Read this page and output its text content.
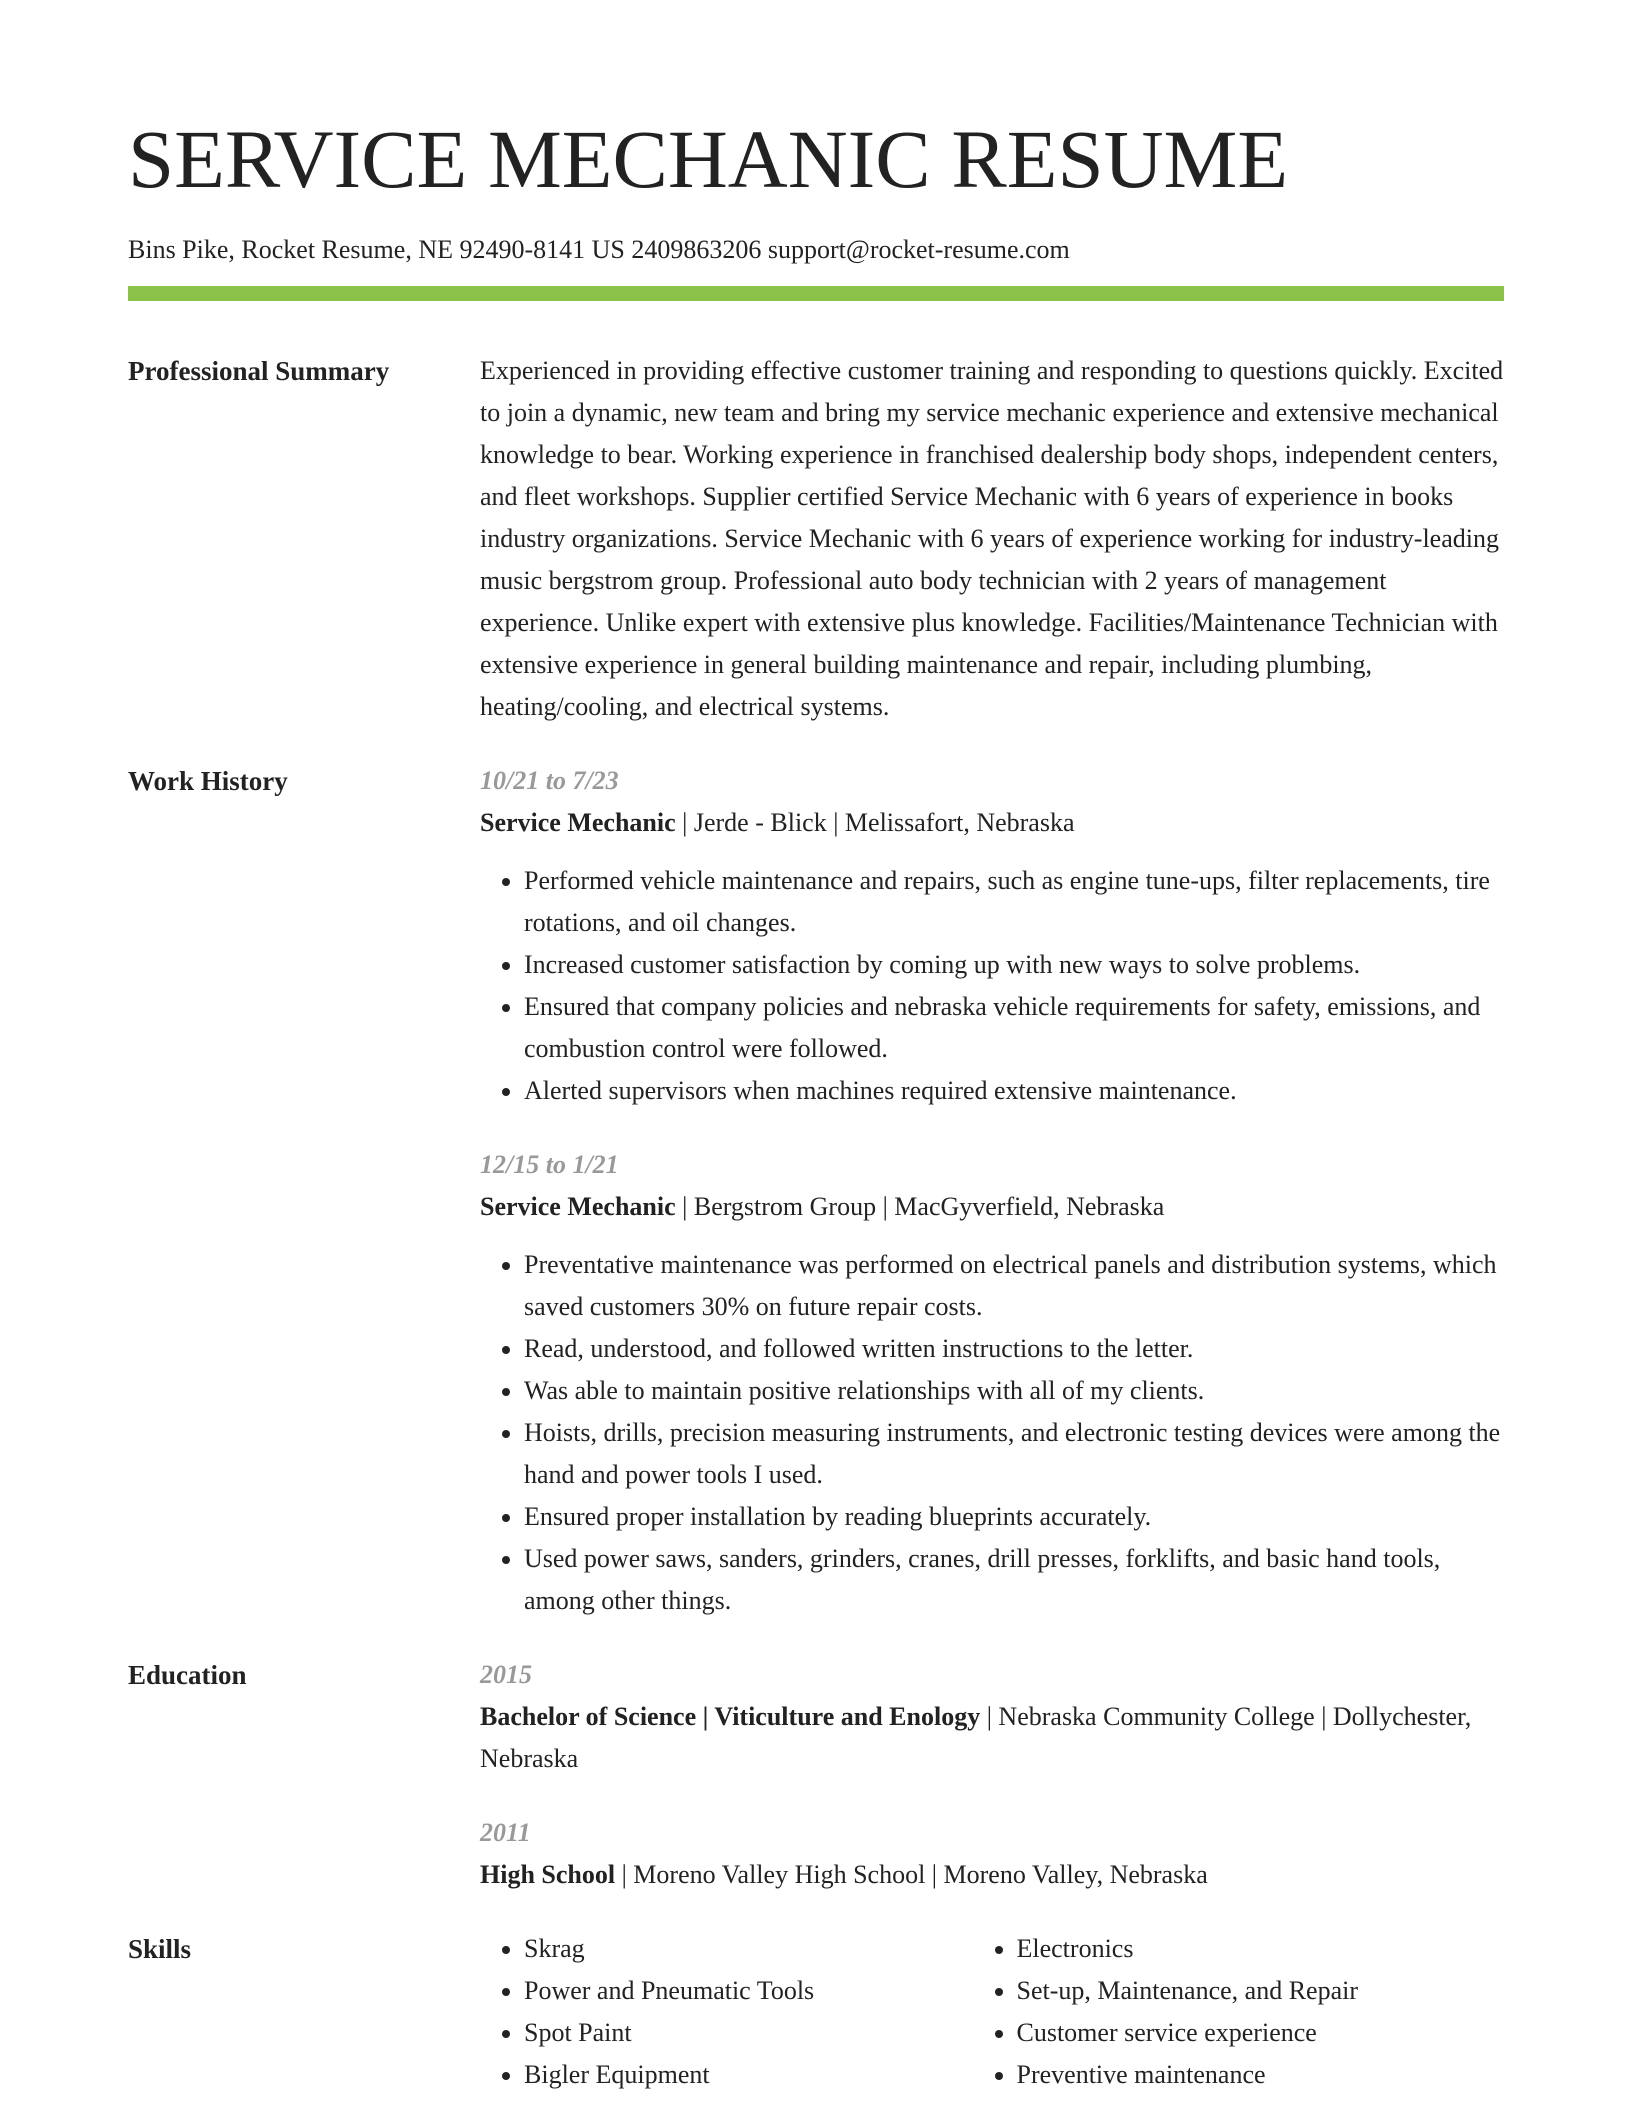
SERVICE MECHANIC RESUME
Bins Pike, Rocket Resume, NE 92490-8141 US 2409863206 support@rocket-resume.com
Professional Summary	Experienced in providing effective customer training and responding to questions quickly. Excited to join a dynamic, new team and bring my service mechanic experience and extensive mechanical knowledge to bear. Working experience in franchised dealership body shops, independent centers, and fleet workshops. Supplier certified Service Mechanic with 6 years of experience in books industry organizations. Service Mechanic with 6 years of experience working for industry-leading music bergstrom group. Professional auto body technician with 2 years of management experience. Unlike expert with extensive plus knowledge. Facilities/Maintenance Technician with extensive experience in general building maintenance and repair, including plumbing, heating/cooling, and electrical systems.

Work History	10/21 to 7/23
Service Mechanic | Jerde - Blick | Melissafort, Nebraska
• Performed vehicle maintenance and repairs, such as engine tune-ups, filter replacements, tire rotations, and oil changes.
• Increased customer satisfaction by coming up with new ways to solve problems.
• Ensured that company policies and nebraska vehicle requirements for safety, emissions, and combustion control were followed.
• Alerted supervisors when machines required extensive maintenance.
12/15 to 1/21
Service Mechanic | Bergstrom Group | MacGyverfield, Nebraska
• Preventative maintenance was performed on electrical panels and distribution systems, which saved customers 30% on future repair costs.
• Read, understood, and followed written instructions to the letter.
• Was able to maintain positive relationships with all of my clients.
• Hoists, drills, precision measuring instruments, and electronic testing devices were among the hand and power tools I used.
• Ensured proper installation by reading blueprints accurately.
• Used power saws, sanders, grinders, cranes, drill presses, forklifts, and basic hand tools, among other things.
Education	2015
Bachelor of Science | Viticulture and Enology | Nebraska Community College | Dollychester, Nebraska
2011
High School | Moreno Valley High School | Moreno Valley, Nebraska
Skills
•	Skrag
• Power and Pneumatic Tools
• Spot Paint
• Bigler Equipment
• Electronics
• Set-up, Maintenance, and Repair
• Customer service experience
• Preventive maintenance
